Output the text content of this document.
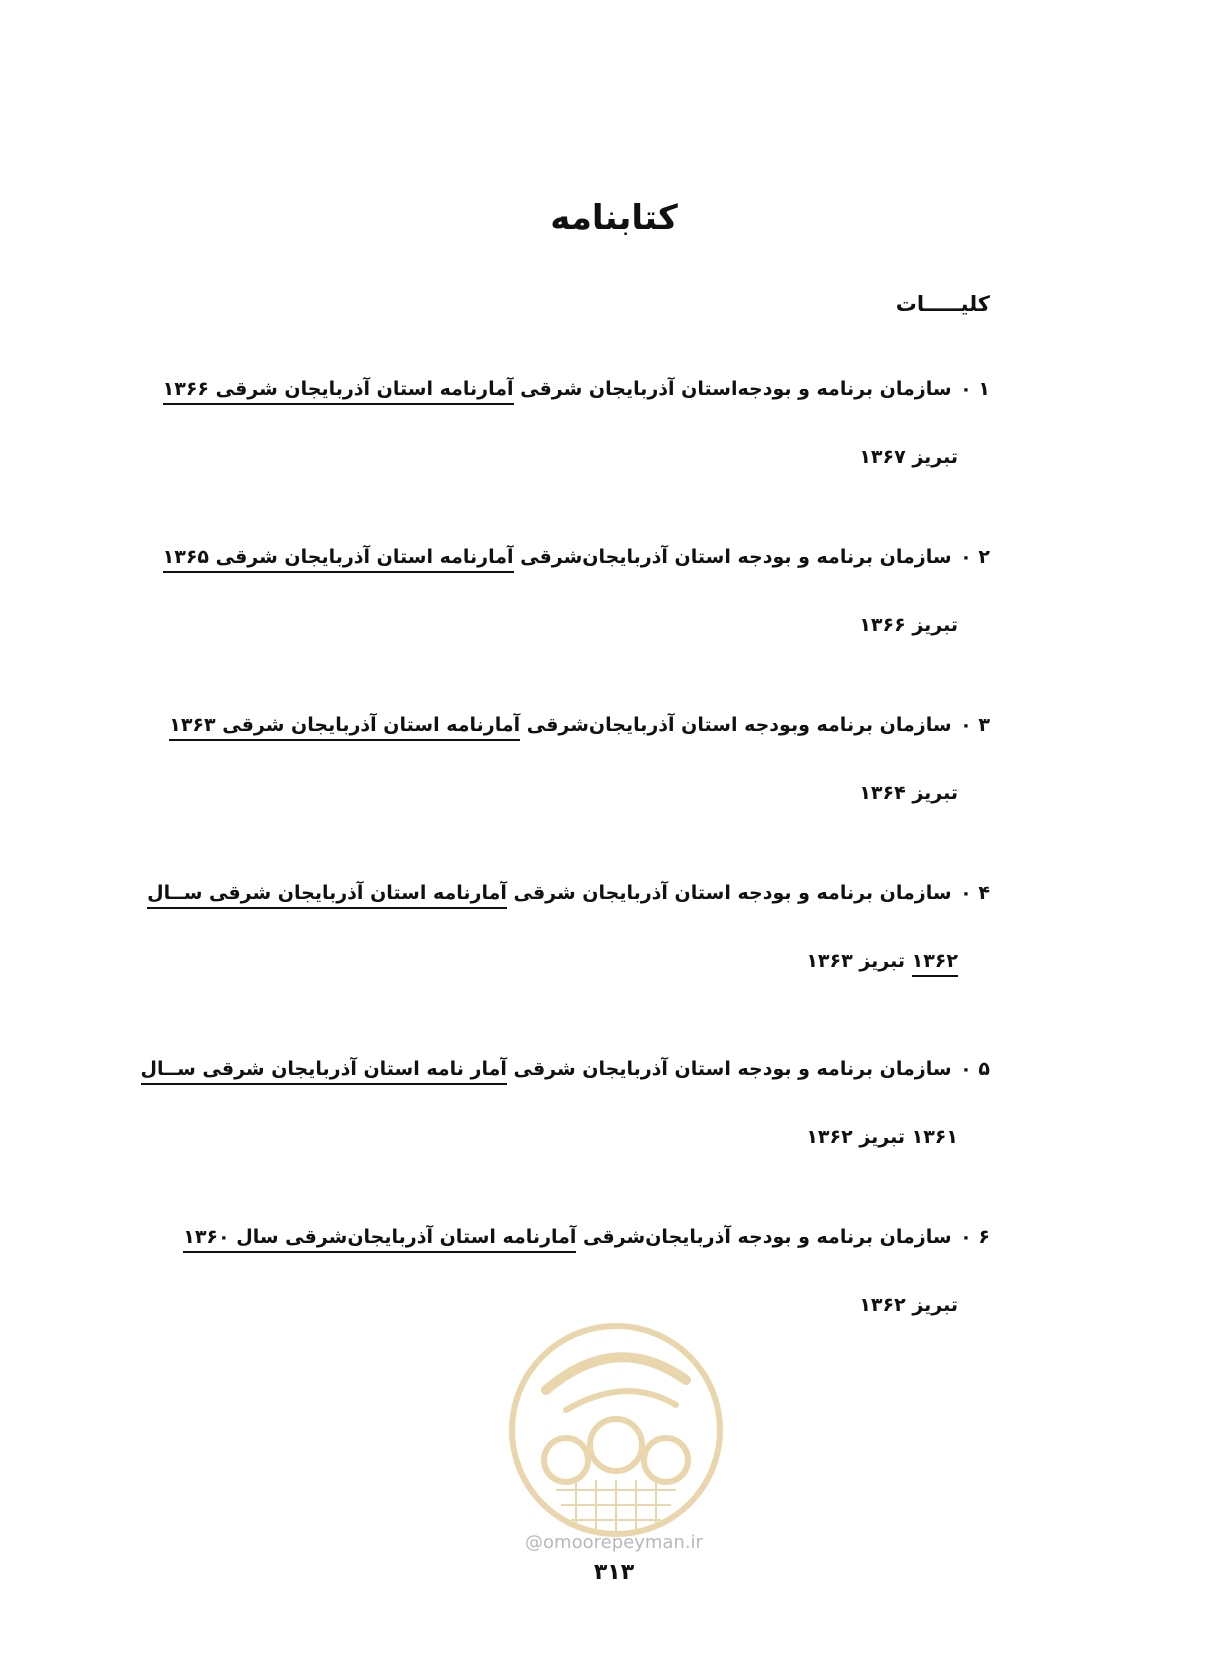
کتابنامه
کلیـــــات
۱ ۰ سازمان برنامه و بودجه‌استان آذربایجان شرقی آمارنامه استان آذربایجان شرقی ۱۳۶۶
تبریز ۱۳۶۷
۲ ۰ سازمان برنامه و بودجه استان آذربایجان‌شرقی آمارنامه استان آذربایجان شرقی ۱۳۶۵
تبریز ۱۳۶۶
۳ ۰ سازمان برنامه وبودجه استان آذربایجان‌شرقی آمارنامه استان آذربایجان شرقی ۱۳۶۳
تبریز ۱۳۶۴
۴ ۰ سازمان برنامه و بودجه استان آذربایجان شرقی آمارنامه استان آذربایجان شرقی ســال
۱۳۶۲ تبریز ۱۳۶۳
۵ ۰ سازمان برنامه و بودجه استان آذربایجان شرقی آمار نامه استان آذربایجان شرقی ســال
۱۳۶۱ تبریز ۱۳۶۲
۶ ۰ سازمان برنامه و بودجه آذربایجان‌شرقی آمارنامه استان آذربایجان‌شرقی سال ۱۳۶۰
تبریز ۱۳۶۲
@omoorepeyman.ir
۳۱۳
